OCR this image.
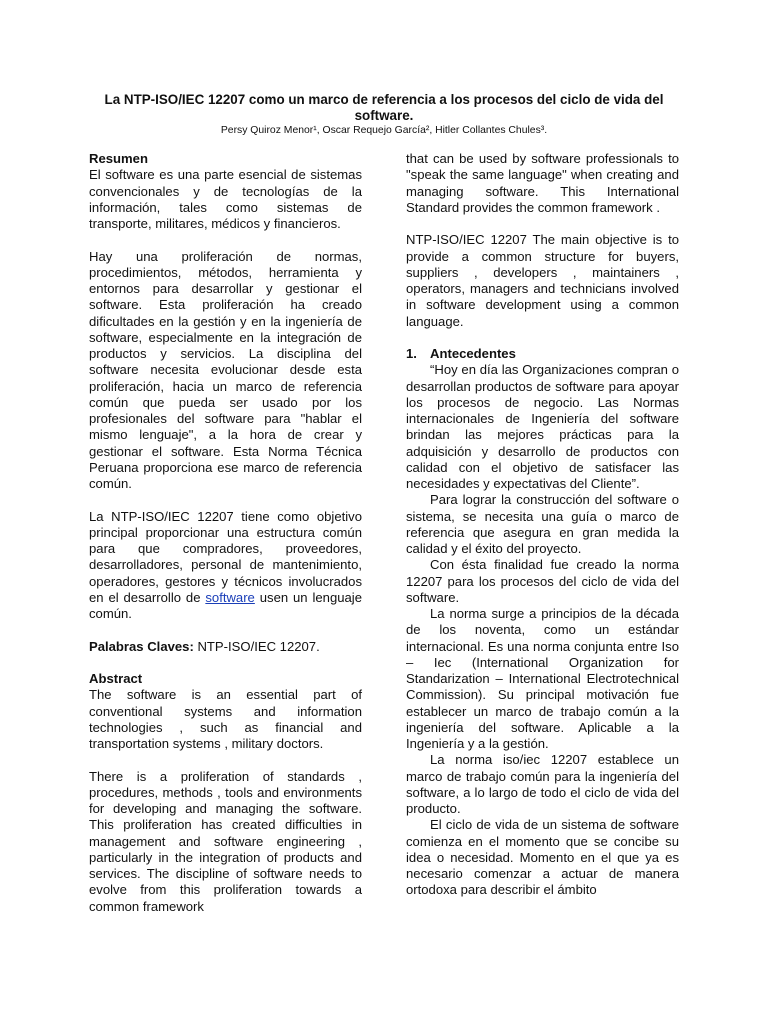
La NTP-ISO/IEC 12207 como un marco de referencia a los procesos del ciclo de vida del
software.
Persy Quiroz Menor¹, Oscar Requejo García², Hitler Collantes Chules³.
Resumen

El software es una parte esencial de sistemas convencionales y de tecnologías de la información, tales como sistemas de transporte, militares, médicos y financieros.

Hay una proliferación de normas, procedimientos, métodos, herramienta y entornos para desarrollar y gestionar el software. Esta proliferación ha creado dificultades en la gestión y en la ingeniería de software, especialmente en la integración de productos y servicios. La disciplina del software necesita evolucionar desde esta proliferación, hacia un marco de referencia común que pueda ser usado por los profesionales del software para "hablar el mismo lenguaje", a la hora de crear y gestionar el software. Esta Norma Técnica Peruana proporciona ese marco de referencia común.

La NTP-ISO/IEC 12207 tiene como objetivo principal proporcionar una estructura común para que compradores, proveedores, desarrolladores, personal de mantenimiento, operadores, gestores y técnicos involucrados en el desarrollo de software usen un lenguaje común.

Palabras Claves: NTP-ISO/IEC 12207.

Abstract

The software is an essential part of conventional systems and information technologies , such as financial and transportation systems , military doctors.

There is a proliferation of standards , procedures, methods , tools and environments for developing and managing the software. This proliferation has created difficulties in management and software engineering , particularly in the integration of products and services. The discipline of software needs to evolve from this proliferation towards a common framework

that can be used by software professionals to "speak the same language" when creating and managing software. This International Standard provides the common framework .

NTP-ISO/IEC 12207 The main objective is to provide a common structure for buyers, suppliers , developers , maintainers , operators, managers and technicians involved in software development using a common language.

1. Antecedentes

“Hoy en día las Organizaciones compran o desarrollan productos de software para apoyar los procesos de negocio. Las Normas internacionales de Ingeniería del software brindan las mejores prácticas para la adquisición y desarrollo de productos con calidad con el objetivo de satisfacer las necesidades y expectativas del Cliente”.

Para lograr la construcción del software o sistema, se necesita una guía o marco de referencia que asegura en gran medida la calidad y el éxito del proyecto.

Con ésta finalidad fue creado la norma 12207 para los procesos del ciclo de vida del software.

La norma surge a principios de la década de los noventa, como un estándar internacional. Es una norma conjunta entre Iso – Iec (International Organization for Standarization – International Electrotechnical Commission). Su principal motivación fue establecer un marco de trabajo común a la ingeniería del software. Aplicable a la Ingeniería y a la gestión.

La norma iso/iec 12207 establece un marco de trabajo común para la ingeniería del software, a lo largo de todo el ciclo de vida del producto.

El ciclo de vida de un sistema de software comienza en el momento que se concibe su idea o necesidad. Momento en el que ya es necesario comenzar a actuar de manera ortodoxa para describir el ámbito
